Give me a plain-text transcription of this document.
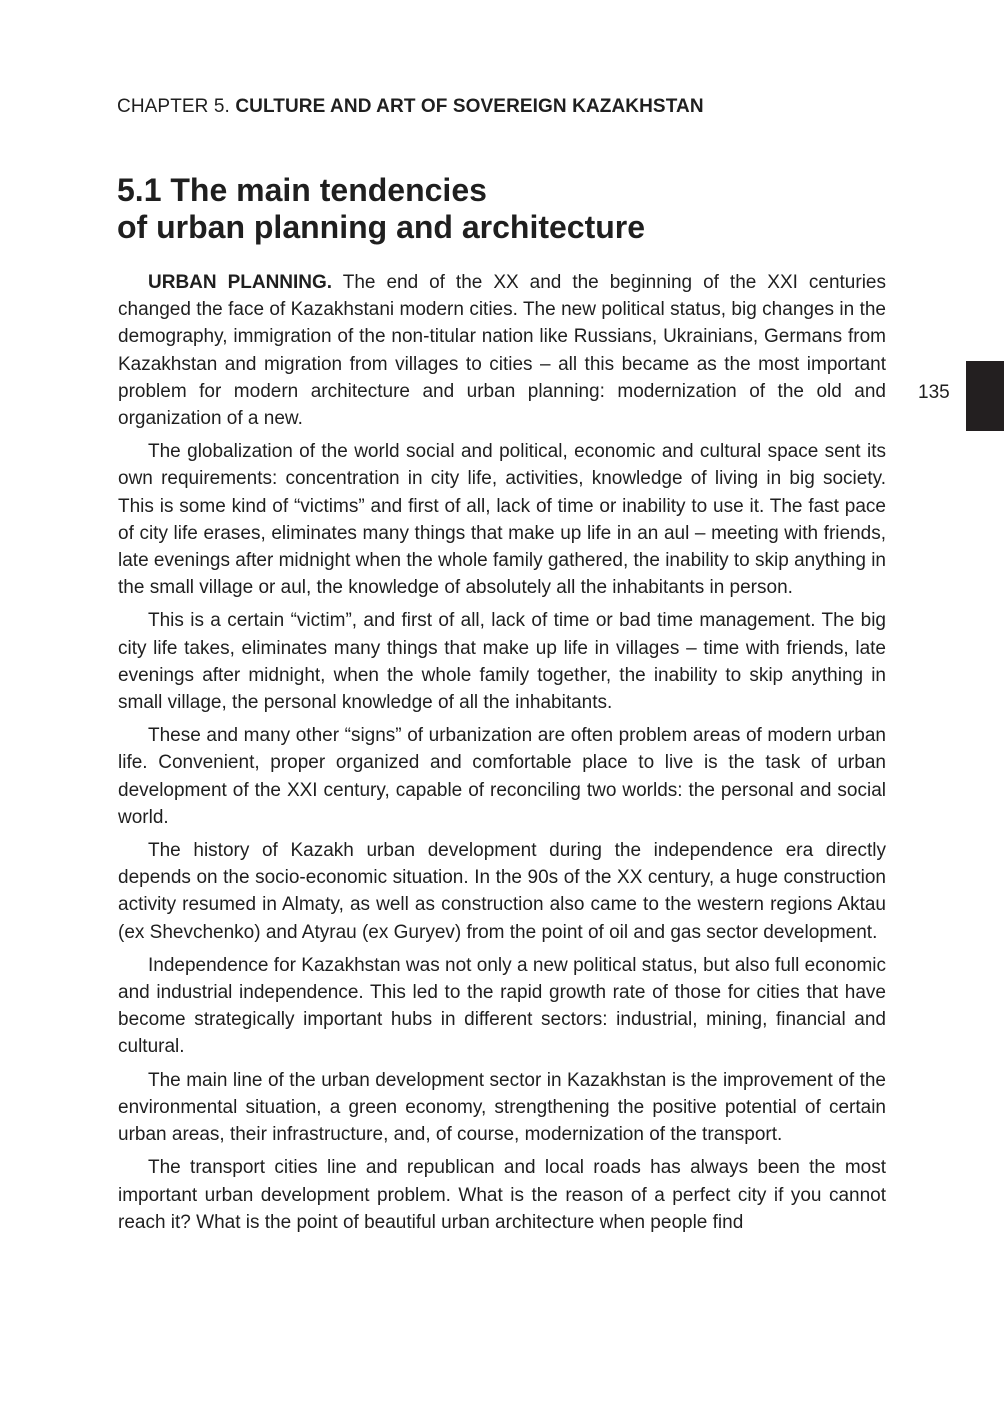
CHAPTER 5. CULTURE AND ART OF SOVEREIGN KAZAKHSTAN
5.1 The main tendencies
of urban planning and architecture

URBAN PLANNING. The end of the XX and the beginning of the XXI centuries changed the face of Kazakhstani modern cities. The new political status, big changes in the demography, immigration of the non-titular nation like Russians, Ukrainians, Germans from Kazakhstan and migration from villages to cities – all this became as the most important problem for modern architecture and urban planning: modernization of the old and organization of a new.

The globalization of the world social and political, economic and cultural space sent its own requirements: concentration in city life, activities, knowledge of living in big society. This is some kind of “victims” and first of all, lack of time or inability to use it. The fast pace of city life erases, eliminates many things that make up life in an aul – meeting with friends, late evenings after midnight when the whole family gathered, the inability to skip anything in the small village or aul, the knowledge of absolutely all the inhabitants in person.

This is a certain “victim”, and first of all, lack of time or bad time management. The big city life takes, eliminates many things that make up life in villages – time with friends, late evenings after midnight, when the whole family together, the inability to skip anything in small village, the personal knowledge of all the inhabitants.

These and many other “signs” of urbanization are often problem areas of modern urban life. Convenient, proper organized and comfortable place to live is the task of urban development of the XXI century, capable of reconciling two worlds: the personal and social world.

The history of Kazakh urban development during the independence era directly depends on the socio-economic situation. In the 90s of the XX century, a huge construction activity resumed in Almaty, as well as construction also came to the western regions Aktau (ex Shevchenko) and Atyrau (ex Guryev) from the point of oil and gas sector development.

Independence for Kazakhstan was not only a new political status, but also full economic and industrial independence. This led to the rapid growth rate of those for cities that have become strategically important hubs in different sectors: industrial, mining, financial and cultural.

The main line of the urban development sector in Kazakhstan is the improvement of the environmental situation, a green economy, strengthening the positive potential of certain urban areas, their infrastructure, and, of course, modernization of the transport.

The transport cities line and republican and local roads has always been the most important urban development problem. What is the reason of a perfect city if you cannot reach it? What is the point of beautiful urban architecture when people find

135
